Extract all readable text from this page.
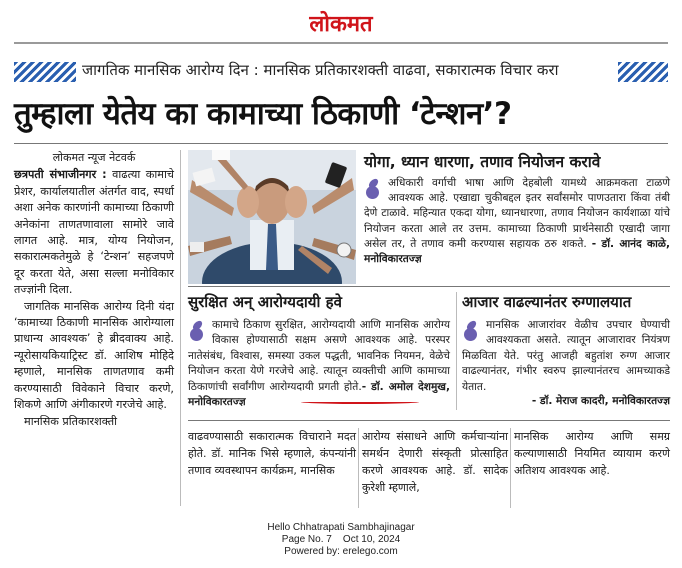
लोकमत
जागतिक मानसिक आरोग्य दिन : मानसिक प्रतिकारशक्ती वाढवा, सकारात्मक विचार करा
तुम्हाला येतेय का कामाच्या ठिकाणी ‘टेन्शन’?
लोकमत न्यूज नेटवर्क

छत्रपती संभाजीनगर : वाढत्या कामाचे प्रेशर, कार्यालयातील अंतर्गत वाद, स्पर्धा अशा अनेक कारणांनी कामाच्या ठिकाणी अनेकांना ताणतणावाला सामोरे जावे लागत आहे. मात्र, योग्य नियोजन, सकारात्मकतेमुळे हे ‘टेन्शन’ सहजपणे दूर करता येते, असा सल्ला मनोविकार तज्ज्ञांनी दिला.

जागतिक मानसिक आरोग्य दिनी यंदा ‘कामाच्या ठिकाणी मानसिक आरोग्याला प्राधान्य आवश्यक’ हे ब्रीदवाक्य आहे. न्यूरोसायकियाट्रिस्ट डॉ. आशिष मोहिदे म्हणाले, मानसिक ताणतणाव कमी करण्यासाठी विवेकाने विचार करणे, शिकणे आणि अंगीकारणे गरजेचे आहे.

मानसिक प्रतिकारशक्ती

योगा, ध्यान धारणा, तणाव नियोजन करावे
अधिकारी वर्गाची भाषा आणि देहबोली यामध्ये आक्रमकता टाळणे आवश्यक आहे. एखाद्या चुकीबद्दल इतर सर्वांसमोर पाणउतारा किंवा तंबी देणे टाळावे. महिन्यात एकदा योगा, ध्यानधारणा, तणाव नियोजन कार्यशाळा यांचे नियोजन करता आले तर उत्तम. कामाच्या ठिकाणी प्रार्थनेसाठी एखादी जागा असेल तर, ते तणाव कमी करण्यास सहायक ठरु शकते. - डॉ. आनंद काळे, मनोविकारतज्ज्ञ
सुरक्षित अन् आरोग्यदायी हवे
कामाचे ठिकाण सुरक्षित, आरोग्यदायी आणि मानसिक आरोग्य विकास होण्यासाठी सक्षम असणे आवश्यक आहे. परस्पर नातेसंबंध, विश्वास, समस्या उकल पद्धती, भावनिक नियमन, वेळेचे नियोजन करता येणे गरजेचे आहे. त्यातून व्यक्तीची आणि कामाच्या ठिकाणांची सर्वांगीण आरोग्यदायी प्रगती होते.- डॉ. अमोल देशमुख, मनोविकारतज्ज्ञ
आजार वाढल्यानंतर रुग्णालयात
मानसिक आजारांवर वेळीच उपचार घेण्याची आवश्यकता असते. त्यातून आजारावर नियंत्रण मिळविता येते. परंतु आजही बहुतांश रुग्ण आजार वाढल्यानंतर, गंभीर स्वरुप झाल्यानंतरच आमच्याकडे येतात.
- डॉ. मेराज कादरी, मनोविकारतज्ज्ञ
वाढवण्यासाठी सकारात्मक विचाराने मदत होते. डॉ. मानिक भिसे म्हणाले, कंपन्यांनी तणाव व्यवस्थापन कार्यक्रम, मानसिक
आरोग्य संसाधने आणि कर्मचाऱ्यांना समर्थन देणारी संस्कृती प्रोत्साहित करणे आवश्यक आहे. डॉ. सादेक कुरेशी म्हणाले,
मानसिक आरोग्य आणि समग्र कल्याणासाठी नियमित व्यायाम करणे अतिशय आवश्यक आहे.
Hello Chhatrapati Sambhajinagar
Page No. 7    Oct 10, 2024
Powered by: erelego.com
